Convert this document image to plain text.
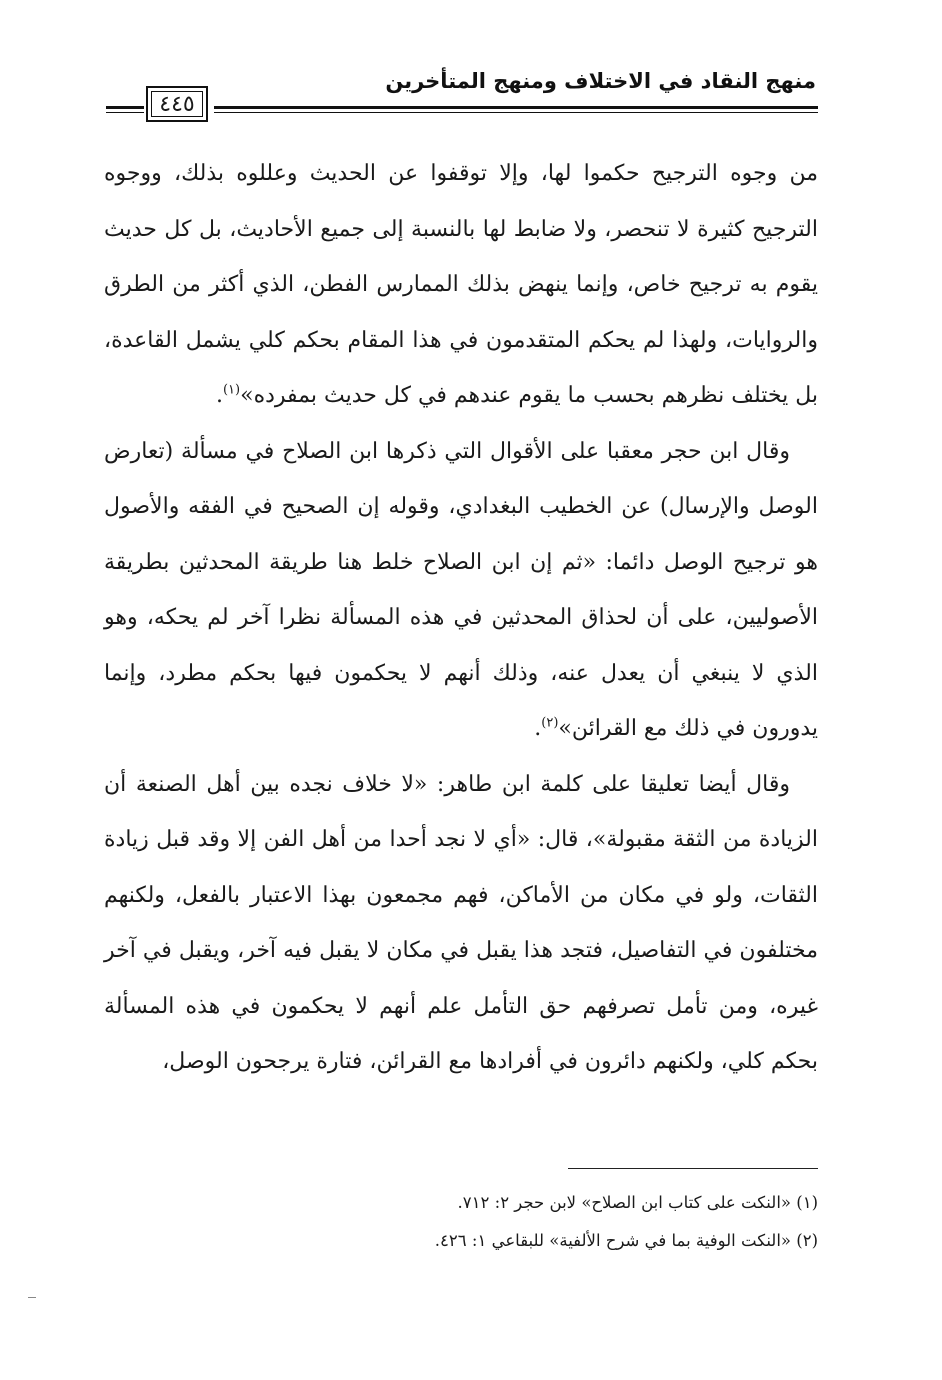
منهج النقاد في الاختلاف ومنهج المتأخرين
٤٤٥

من وجوه الترجيح حكموا لها، وإلا توقفوا عن الحديث وعللوه بذلك، ووجوه الترجيح كثيرة لا تنحصر، ولا ضابط لها بالنسبة إلى جميع الأحاديث، بل كل حديث يقوم به ترجيح خاص، وإنما ينهض بذلك الممارس الفطن، الذي أكثر من الطرق والروايات، ولهذا لم يحكم المتقدمون في هذا المقام بحكم كلي يشمل القاعدة، بل يختلف نظرهم بحسب ما يقوم عندهم في كل حديث بمفرده»$^{(١)}$.

وقال ابن حجر معقبا على الأقوال التي ذكرها ابن الصلاح في مسألة (تعارض الوصل والإرسال) عن الخطيب البغدادي، وقوله إن الصحيح في الفقه والأصول هو ترجيح الوصل دائما: «ثم إن ابن الصلاح خلط هنا طريقة المحدثين بطريقة الأصوليين، على أن لحذاق المحدثين في هذه المسألة نظرا آخر لم يحكه، وهو الذي لا ينبغي أن يعدل عنه، وذلك أنهم لا يحكمون فيها بحكم مطرد، وإنما يدورون في ذلك مع القرائن»$^{(٢)}$.

وقال أيضا تعليقا على كلمة ابن طاهر: «لا خلاف نجده بين أهل الصنعة أن الزيادة من الثقة مقبولة»، قال: «أي لا نجد أحدا من أهل الفن إلا وقد قبل زيادة الثقات، ولو في مكان من الأماكن، فهم مجمعون بهذا الاعتبار بالفعل، ولكنهم مختلفون في التفاصيل، فتجد هذا يقبل في مكان لا يقبل فيه آخر، ويقبل في آخر غيره، ومن تأمل تصرفهم حق التأمل علم أنهم لا يحكمون في هذه المسألة بحكم كلي، ولكنهم دائرون في أفرادها مع القرائن، فتارة يرجحون الوصل،

(١) «النكت على كتاب ابن الصلاح» لابن حجر ٢: ٧١٢.

(٢) «النكت الوفية بما في شرح الألفية» للبقاعي ١: ٤٢٦.
